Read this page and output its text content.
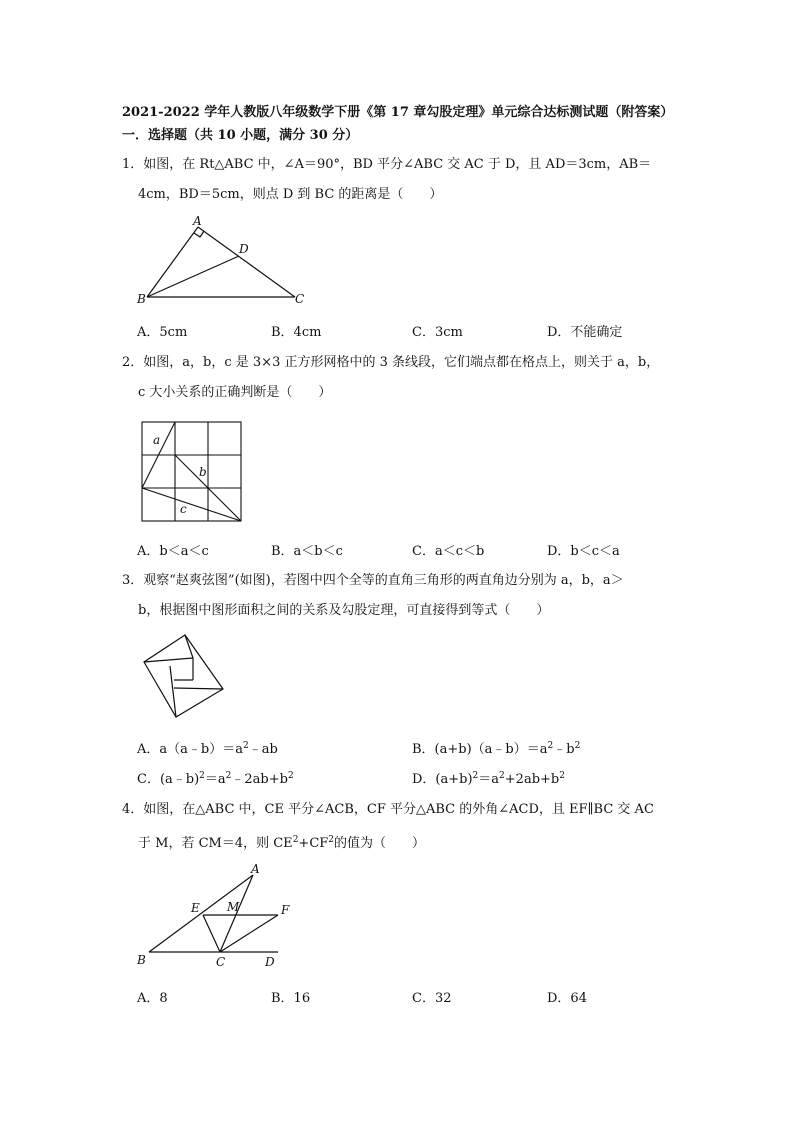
2021-2022 学年人教版八年级数学下册《第 17 章勾股定理》单元综合达标测试题（附答案）
一．选择题（共 10 小题，满分 30 分）
1．如图，在 Rt△ABC 中，∠A＝90°，BD 平分∠ABC 交 AC 于 D，且 AD＝3cm，AB＝
4cm，BD＝5cm，则点 D 到 BC 的距离是（　　）
A
B	C
D
A．5cm	B．4cm	C．3cm	D．不能确定
2．如图，a，b，c 是 3×3 正方形网格中的 3 条线段，它们端点都在格点上，则关于 a，b，
c 大小关系的正确判断是（　　）
a
b
c
A．b＜a＜c	B．a＜b＜c	C．a＜c＜b	D．b＜c＜a
3．观察“赵爽弦图”(如图)，若图中四个全等的直角三角形的两直角边分别为 a，b，a＞
b，根据图中图形面积之间的关系及勾股定理，可直接得到等式（　　）
A．$a(a﹣b)=a^2﹣ab$	B．$(a+b)(a﹣b)=a^2﹣b^2$
C．$(a﹣b)^2=a^2﹣2ab+b^2$	D．$(a+b)^2=a^2+2ab+b^2$
4．如图，在△ABC 中，CE 平分∠ACB，CF 平分△ABC 的外角∠ACD，且 EF∥BC 交 AC
于 M，若 CM＝4，则 $CE^2+CF^2$的值为（　　）
A
B	C	D
E	F
M
A．8	B．16	C．32	D．64
